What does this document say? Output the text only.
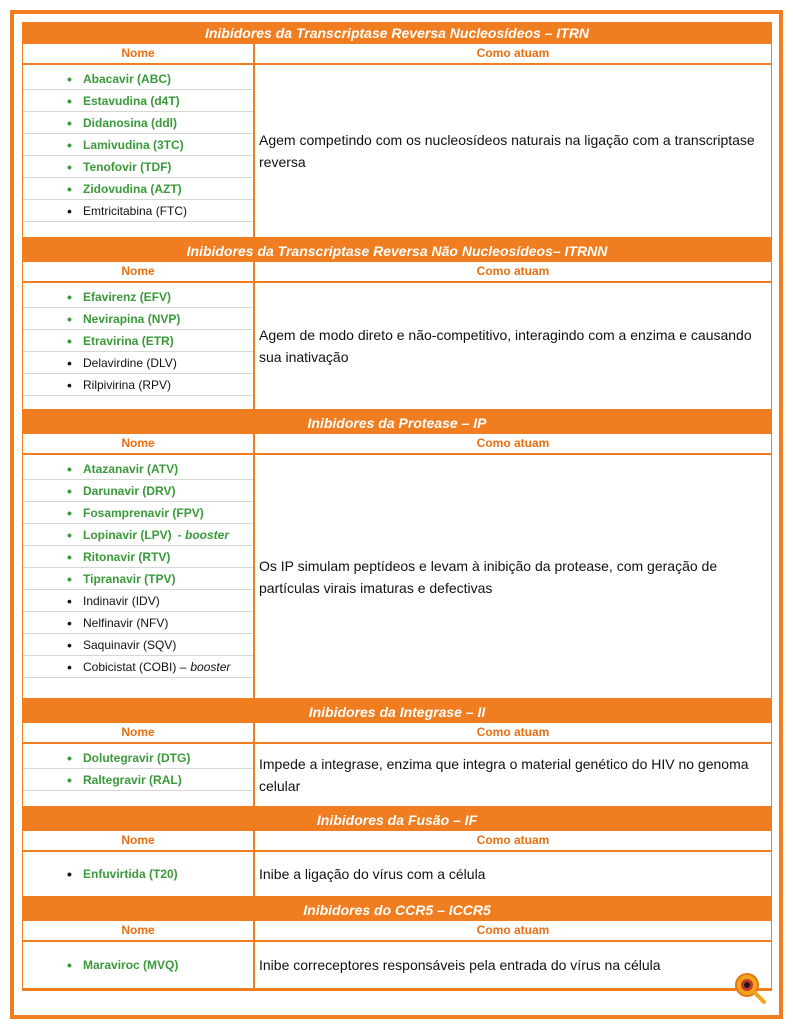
Inibidores da Transcriptase Reversa Nucleosídeos – ITRN
Nome	Como atuam
• Abacavir (ABC)
• Estavudina (d4T)
• Didanosina (ddl)
• Lamivudina (3TC)
• Tenofovir (TDF)
• Zidovudina (AZT)
• Emtricitabina (FTC)
Agem competindo com os nucleosídeos naturais na ligação com a transcriptase reversa
Inibidores da Transcriptase Reversa Não Nucleosídeos– ITRNN
Nome	Como atuam
• Efavirenz (EFV)
• Nevirapina (NVP)
• Etravirina (ETR)
• Delavirdine (DLV)
• Rilpivirina (RPV)
Agem de modo direto e não-competitivo, interagindo com a enzima e causando sua inativação
Inibidores da Protease – IP
Nome	Como atuam
• Atazanavir (ATV)
• Darunavir (DRV)
• Fosamprenavir (FPV)
• Lopinavir (LPV) - booster
• Ritonavir (RTV)
• Tipranavir (TPV)
• Indinavir (IDV)
• Nelfinavir (NFV)
• Saquinavir (SQV)
• Cobicistat (COBI) – booster
Os IP simulam peptídeos e levam à inibição da protease, com geração de partículas virais imaturas e defectivas
Inibidores da Integrase – II
Nome	Como atuam
• Dolutegravir (DTG)
• Raltegravir (RAL)
Impede a integrase, enzima que integra o material genético do HIV no genoma celular
Inibidores da Fusão – IF
Nome	Como atuam
• Enfuvirtida (T20)	Inibe a ligação do vírus com a célula
Inibidores do CCR5 – ICCR5
Nome	Como atuam
• Maraviroc (MVQ)	Inibe correceptores responsáveis pela entrada do vírus na célula
